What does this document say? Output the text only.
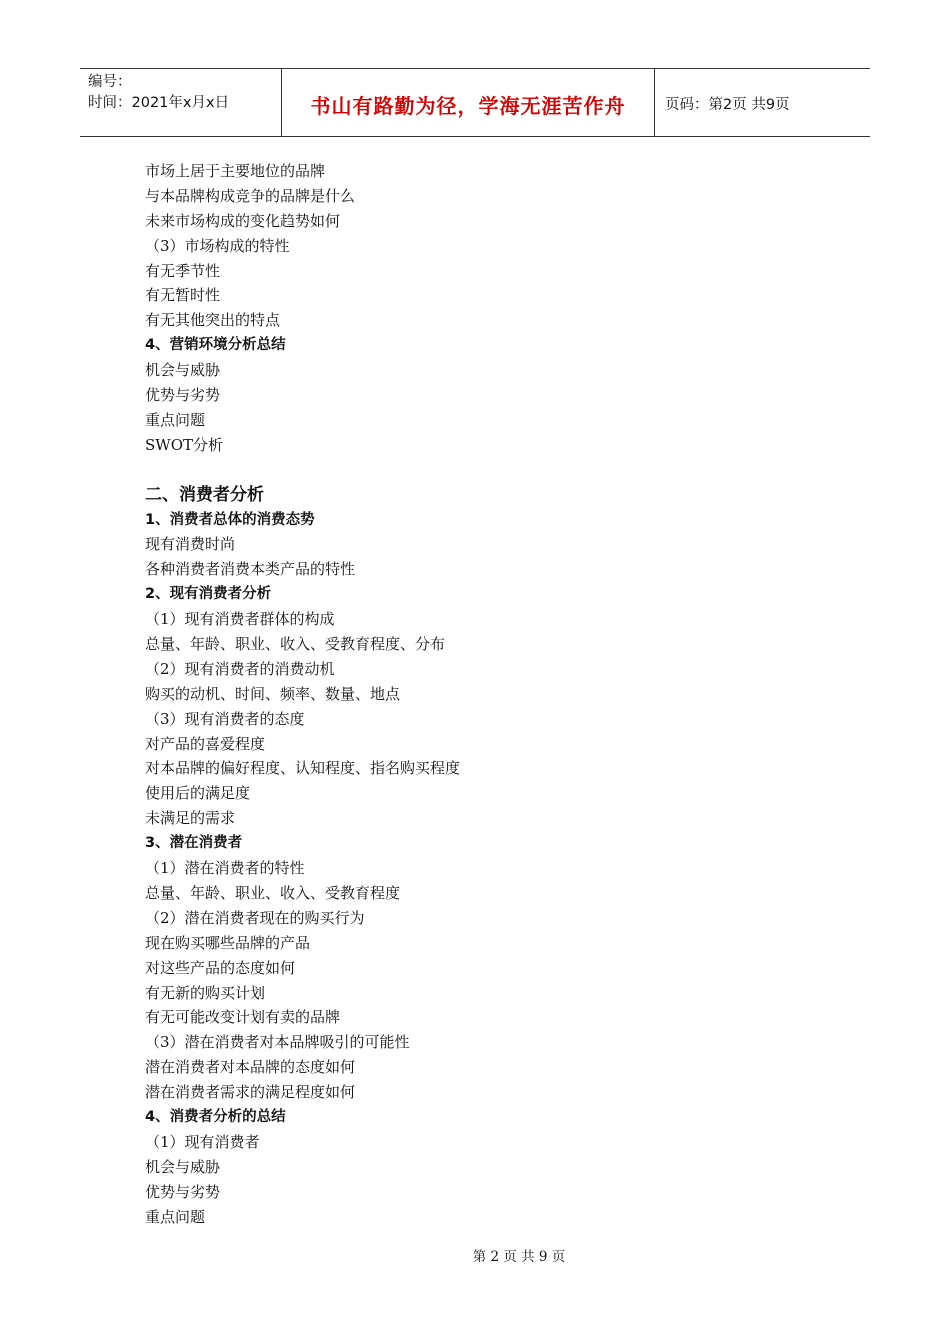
编号：
时间：2021年x月x日	书山有路勤为径，学海无涯苦作舟	页码：第2页 共9页
市场上居于主要地位的品牌
与本品牌构成竞争的品牌是什么
未来市场构成的变化趋势如何
（3）市场构成的特性
有无季节性
有无暂时性
有无其他突出的特点
4、营销环境分析总结
机会与威胁
优势与劣势
重点问题
SWOT分析
二、消费者分析
1、消费者总体的消费态势
现有消费时尚
各种消费者消费本类产品的特性
2、现有消费者分析
（1）现有消费者群体的构成
总量、年龄、职业、收入、受教育程度、分布
（2）现有消费者的消费动机
购买的动机、时间、频率、数量、地点
（3）现有消费者的态度
对产品的喜爱程度
对本品牌的偏好程度、认知程度、指名购买程度
使用后的满足度
未满足的需求
3、潜在消费者
（1）潜在消费者的特性
总量、年龄、职业、收入、受教育程度
（2）潜在消费者现在的购买行为
现在购买哪些品牌的产品
对这些产品的态度如何
有无新的购买计划
有无可能改变计划有卖的品牌
（3）潜在消费者对本品牌吸引的可能性
潜在消费者对本品牌的态度如何
潜在消费者需求的满足程度如何
4、消费者分析的总结
（1）现有消费者
机会与威胁
优势与劣势
重点问题
第 2 页 共 9 页
